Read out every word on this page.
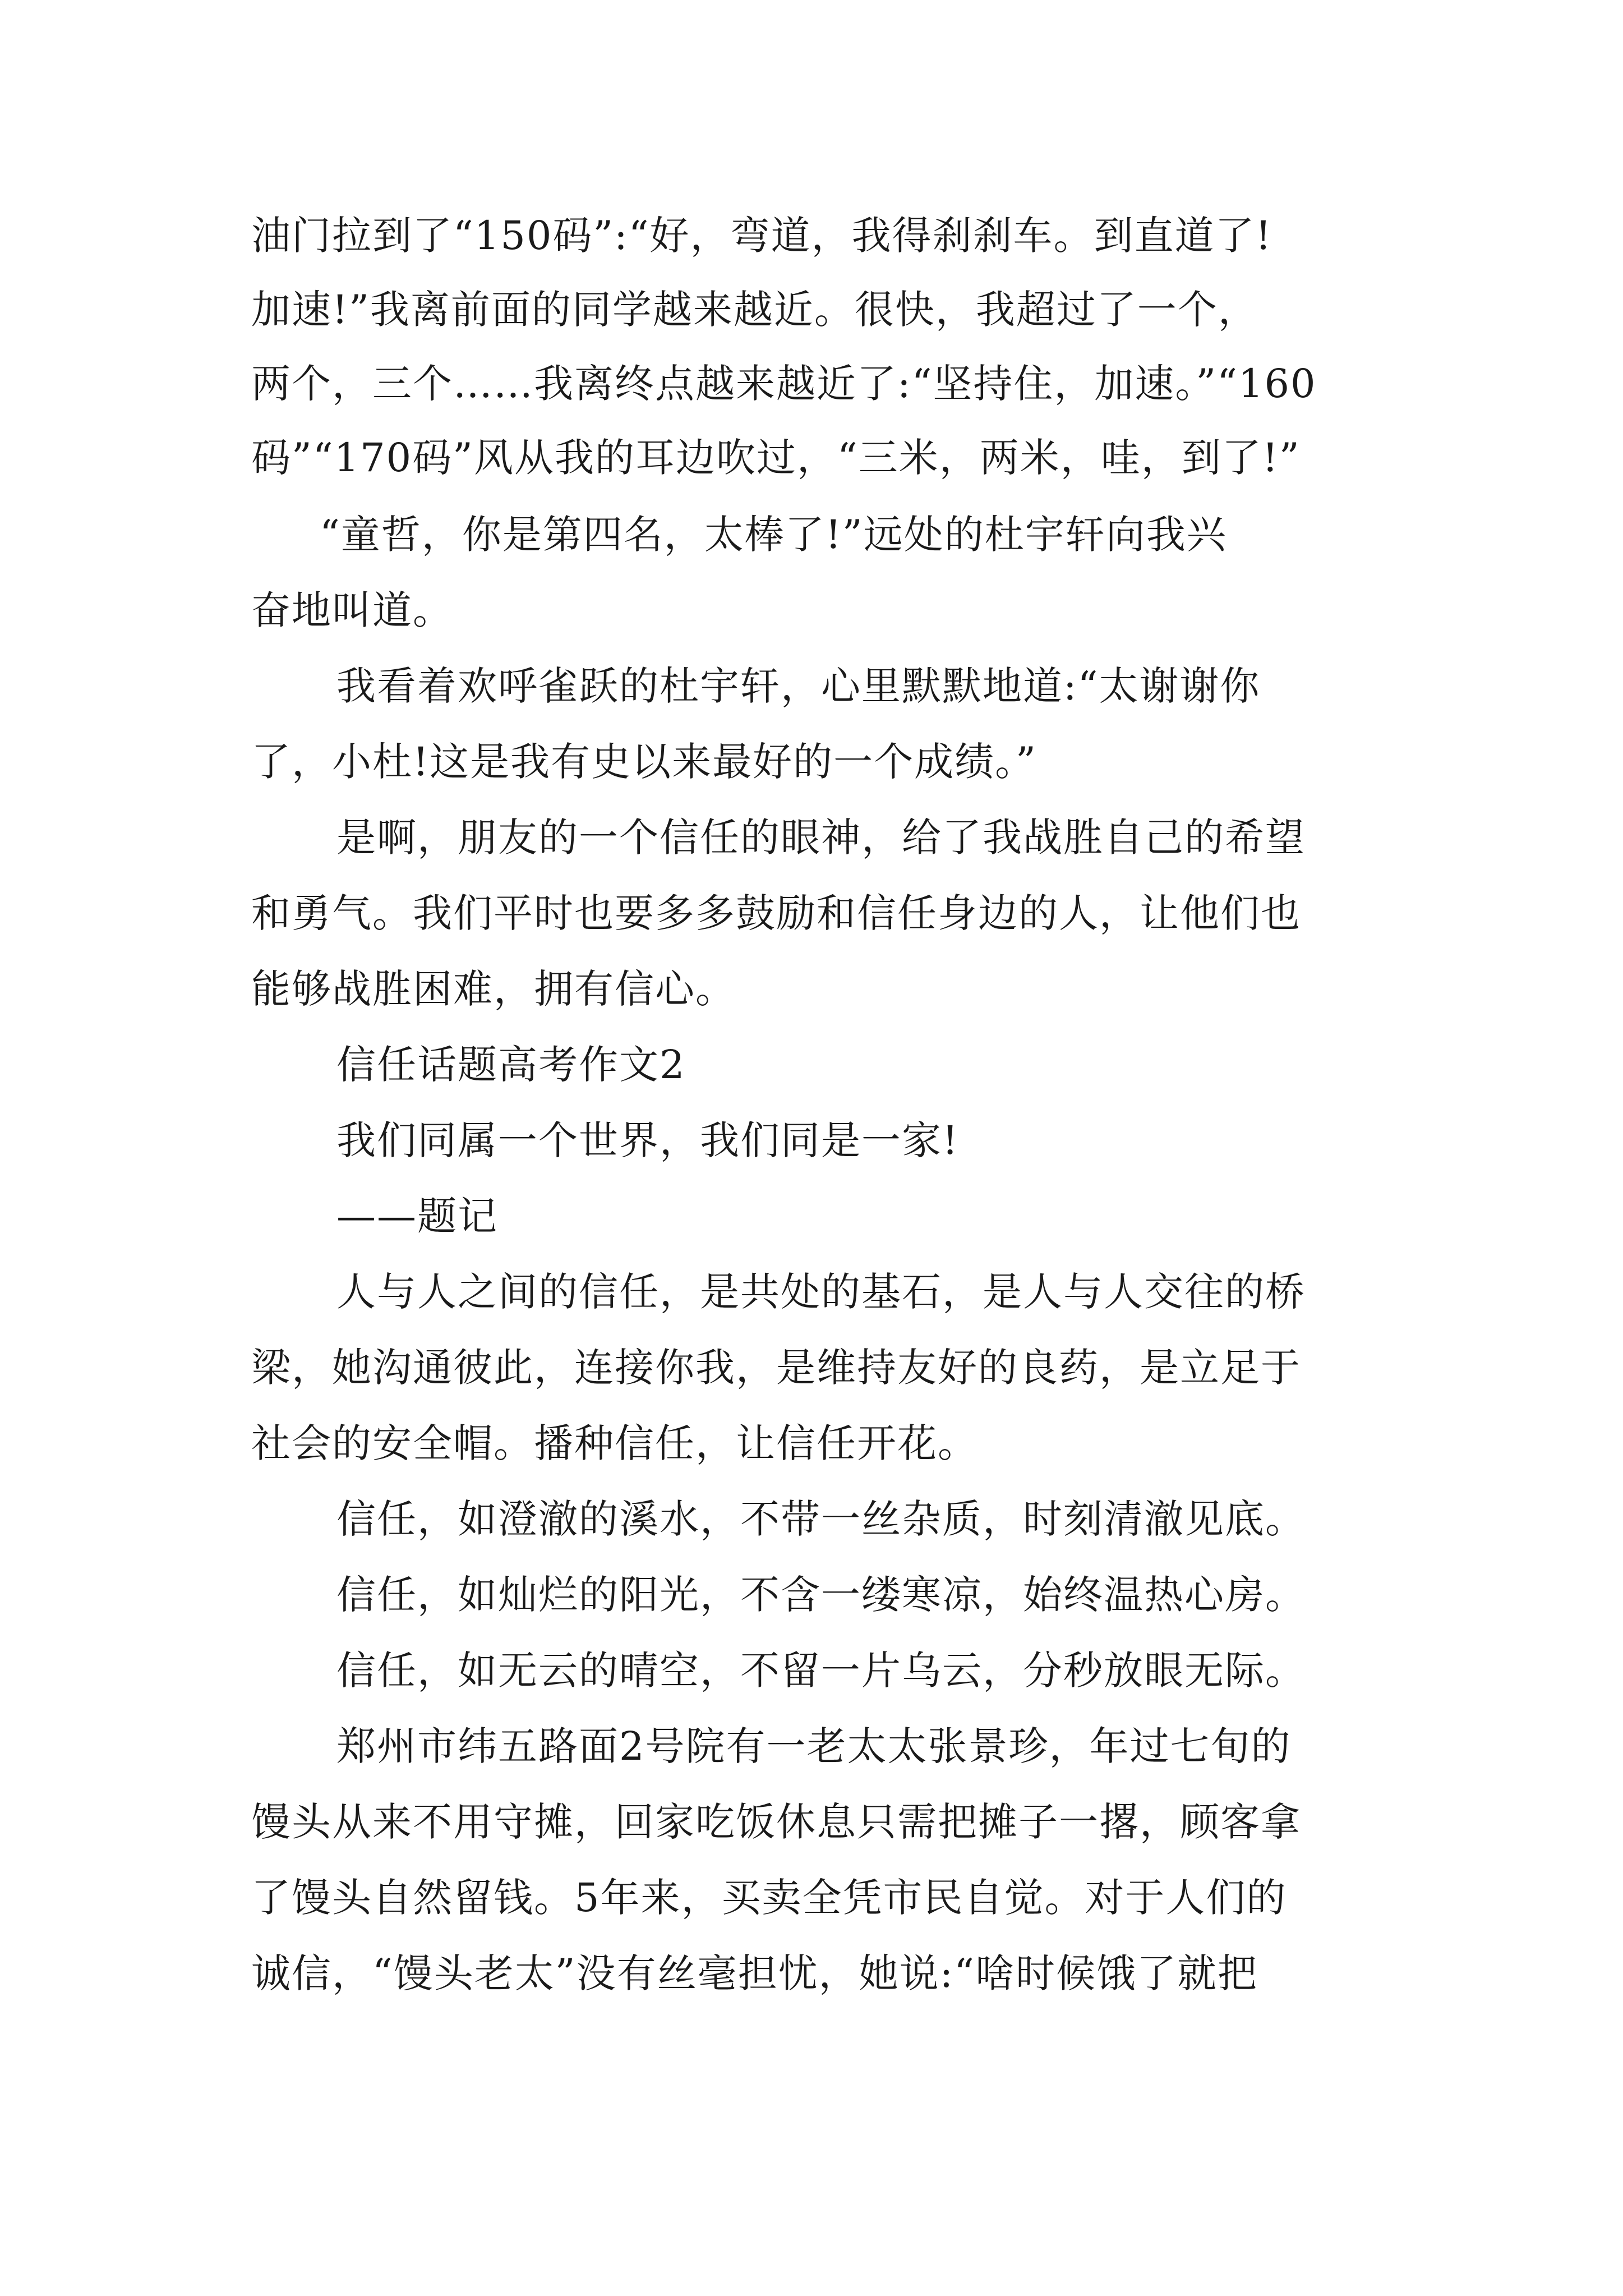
油门拉到了“150码”:“好，弯道，我得刹刹车。到直道了!
加速!”我离前面的同学越来越近。很快，我超过了一个，
两个，三个……我离终点越来越近了:“坚持住，加速。”“160
码”“170码”风从我的耳边吹过，“三米，两米，哇，到了!”
“童哲，你是第四名，太棒了!”远处的杜宇轩向我兴
奋地叫道。
我看着欢呼雀跃的杜宇轩，心里默默地道:“太谢谢你
了，小杜!这是我有史以来最好的一个成绩。”
是啊，朋友的一个信任的眼神，给了我战胜自己的希望
和勇气。我们平时也要多多鼓励和信任身边的人，让他们也
能够战胜困难，拥有信心。
信任话题高考作文2
我们同属一个世界，我们同是一家!
——题记
人与人之间的信任，是共处的基石，是人与人交往的桥
梁，她沟通彼此，连接你我，是维持友好的良药，是立足于
社会的安全帽。播种信任，让信任开花。
信任，如澄澈的溪水，不带一丝杂质，时刻清澈见底。
信任，如灿烂的阳光，不含一缕寒凉，始终温热心房。
信任，如无云的晴空，不留一片乌云，分秒放眼无际。
郑州市纬五路面2号院有一老太太张景珍，年过七旬的
馒头从来不用守摊，回家吃饭休息只需把摊子一撂，顾客拿
了馒头自然留钱。5年来，买卖全凭市民自觉。对于人们的
诚信，“馒头老太”没有丝毫担忧，她说:“啥时候饿了就把
